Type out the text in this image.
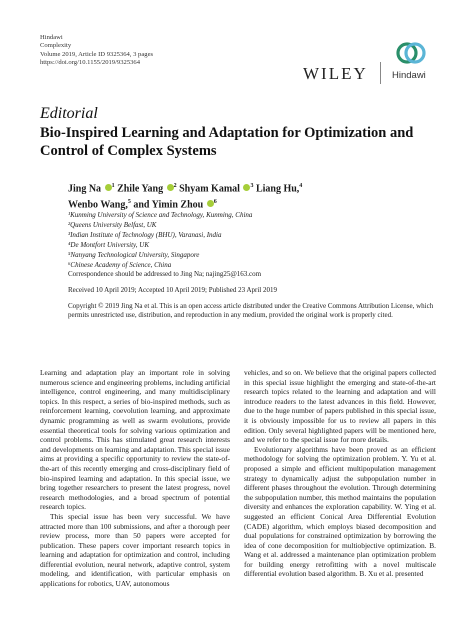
Hindawi
Complexity
Volume 2019, Article ID 9325364, 3 pages
https://doi.org/10.1155/2019/9325364
WILEY	Hindawi
Editorial
Bio-Inspired Learning and Adaptation for Optimization and Control of Complex Systems
Jing Na $^1$ Zhile Yang $^2$ Shyam Kamal $^3$ Liang Hu,$^4$
Wenbo Wang,$^5$ and Yimin Zhou $^6$
¹Kunming University of Science and Technology, Kunming, China
²Queens University Belfast, UK
³Indian Institute of Technology (BHU), Varanasi, India
⁴De Montfort University, UK
⁵Nanyang Technological University, Singapore
⁶Chinese Academy of Science, China
Correspondence should be addressed to Jing Na; najing25@163.com
Received 10 April 2019; Accepted 10 April 2019; Published 23 April 2019
Copyright © 2019 Jing Na et al. This is an open access article distributed under the Creative Commons Attribution License, which permits unrestricted use, distribution, and reproduction in any medium, provided the original work is properly cited.

Learning and adaptation play an important role in solving numerous science and engineering problems, including artificial intelligence, control engineering, and many multidisciplinary topics. In this respect, a series of bio-inspired methods, such as reinforcement learning, coevolution learning, and approximate dynamic programming as well as swarm evolutions, provide essential theoretical tools for solving various optimization and control problems. This has stimulated great research interests and developments on learning and adaptation. This special issue aims at providing a specific opportunity to review the state-of-the-art of this recently emerging and cross-disciplinary field of bio-inspired learning and adaptation. In this special issue, we bring together researchers to present the latest progress, novel research methodologies, and a broad spectrum of potential research topics.

This special issue has been very successful. We have attracted more than 100 submissions, and after a thorough peer review process, more than 50 papers were accepted for publication. These papers cover important research topics in learning and adaptation for optimization and control, including differential evolution, neural network, adaptive control, system modeling, and identification, with particular emphasis on applications for robotics, UAV, autonomous

vehicles, and so on. We believe that the original papers collected in this special issue highlight the emerging and state-of-the-art research topics related to the learning and adaptation and will introduce readers to the latest advances in this field. However, due to the huge number of papers published in this special issue, it is obviously impossible for us to review all papers in this edition. Only several highlighted papers will be mentioned here, and we refer to the special issue for more details.

Evolutionary algorithms have been proved as an efficient methodology for solving the optimization problem. Y. Yu et al. proposed a simple and efficient multipopulation management strategy to dynamically adjust the subpopulation number in different phases throughout the evolution. Through determining the subpopulation number, this method maintains the population diversity and enhances the exploration capability. W. Ying et al. suggested an efficient Conical Area Differential Evolution (CADE) algorithm, which employs biased decomposition and dual populations for constrained optimization by borrowing the idea of cone decomposition for multiobjective optimization. B. Wang et al. addressed a maintenance plan optimization problem for building energy retrofitting with a novel multiscale differential evolution based algorithm. B. Xu et al. presented
